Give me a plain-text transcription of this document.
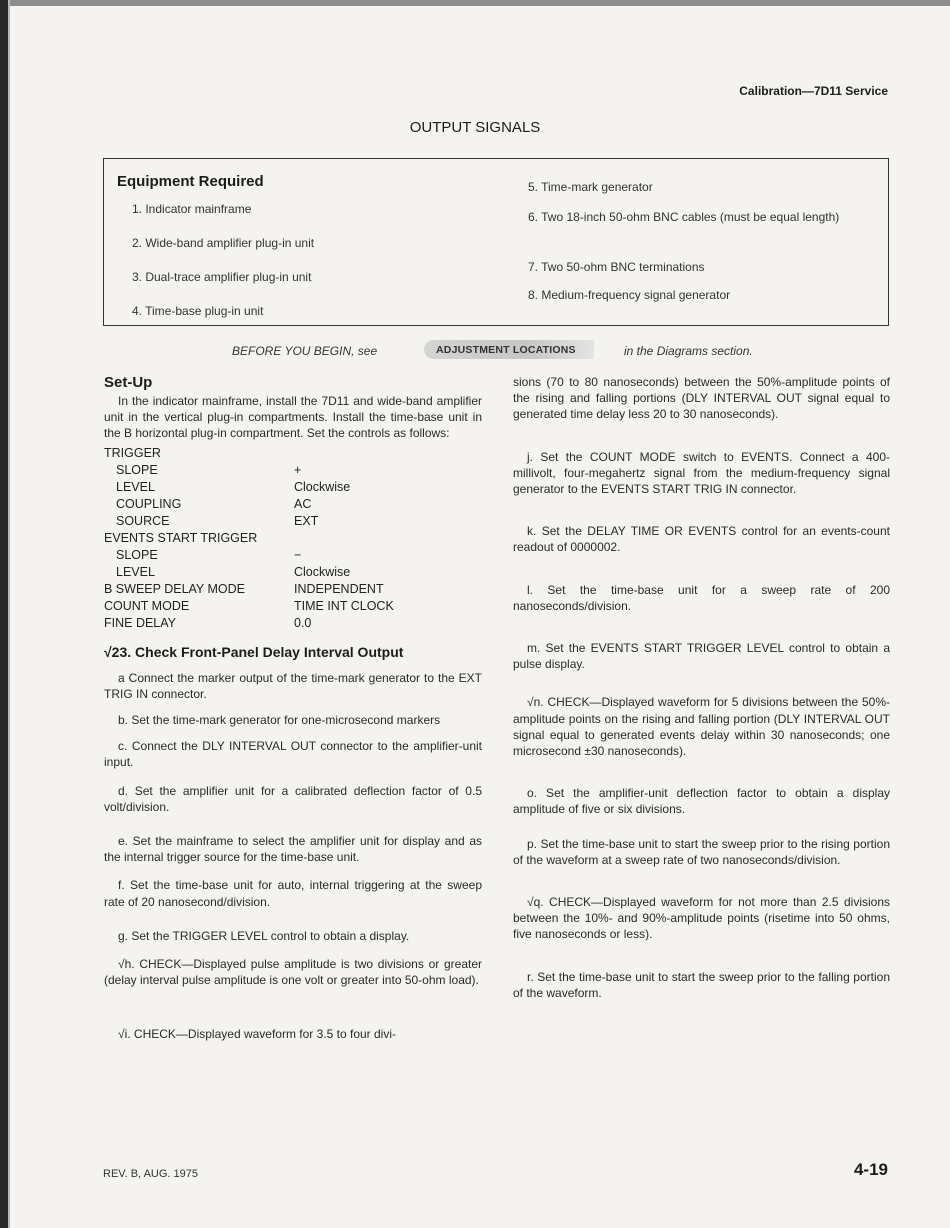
Calibration—7D11 Service
OUTPUT SIGNALS
Equipment Required
1. Indicator mainframe
2. Wide-band amplifier plug-in unit
3. Dual-trace amplifier plug-in unit
4. Time-base plug-in unit
5. Time-mark generator
6. Two 18-inch 50-ohm BNC cables (must be equal length)
7. Two 50-ohm BNC terminations
8. Medium-frequency signal generator
BEFORE YOU BEGIN, see	ADJUSTMENT LOCATIONS	in the Diagrams section.
Set-Up

In the indicator mainframe, install the 7D11 and wide-band amplifier unit in the vertical plug-in compartments. Install the time-base unit in the B horizontal plug-in compartment. Set the controls as follows:

TRIGGER
SLOPE	+
LEVEL	Clockwise
COUPLING	AC
SOURCE	EXT
EVENTS START TRIGGER
SLOPE	−
LEVEL	Clockwise
B SWEEP DELAY MODE	INDEPENDENT
COUNT MODE	TIME INT CLOCK
FINE DELAY	0.0
√23. Check Front-Panel Delay Interval Output

a Connect the marker output of the time-mark generator to the EXT TRIG IN connector.

b. Set the time-mark generator for one-microsecond markers

c. Connect the DLY INTERVAL OUT connector to the amplifier-unit input.

d. Set the amplifier unit for a calibrated deflection factor of 0.5 volt/division.

e. Set the mainframe to select the amplifier unit for display and as the internal trigger source for the time-base unit.

f. Set the time-base unit for auto, internal triggering at the sweep rate of 20 nanosecond/division.

g. Set the TRIGGER LEVEL control to obtain a display.

√h. CHECK—Displayed pulse amplitude is two divisions or greater (delay interval pulse amplitude is one volt or greater into 50-ohm load).

√i. CHECK—Displayed waveform for 3.5 to four divi-

sions (70 to 80 nanoseconds) between the 50%-amplitude points of the rising and falling portions (DLY INTERVAL OUT signal equal to generated time delay less 20 to 30 nanoseconds).

j. Set the COUNT MODE switch to EVENTS. Connect a 400-millivolt, four-megahertz signal from the medium-frequency signal generator to the EVENTS START TRIG IN connector.

k. Set the DELAY TIME OR EVENTS control for an events-count readout of 0000002.

l. Set the time-base unit for a sweep rate of 200 nanoseconds/division.

m. Set the EVENTS START TRIGGER LEVEL control to obtain a pulse display.

√n. CHECK—Displayed waveform for 5 divisions between the 50%-amplitude points on the rising and falling portion (DLY INTERVAL OUT signal equal to generated events delay within 30 nanoseconds; one microsecond ±30 nanoseconds).

o. Set the amplifier-unit deflection factor to obtain a display amplitude of five or six divisions.

p. Set the time-base unit to start the sweep prior to the rising portion of the waveform at a sweep rate of two nanoseconds/division.

√q. CHECK—Displayed waveform for not more than 2.5 divisions between the 10%- and 90%-amplitude points (risetime into 50 ohms, five nanoseconds or less).

r. Set the time-base unit to start the sweep prior to the falling portion of the waveform.

REV. B, AUG. 1975	4-19
